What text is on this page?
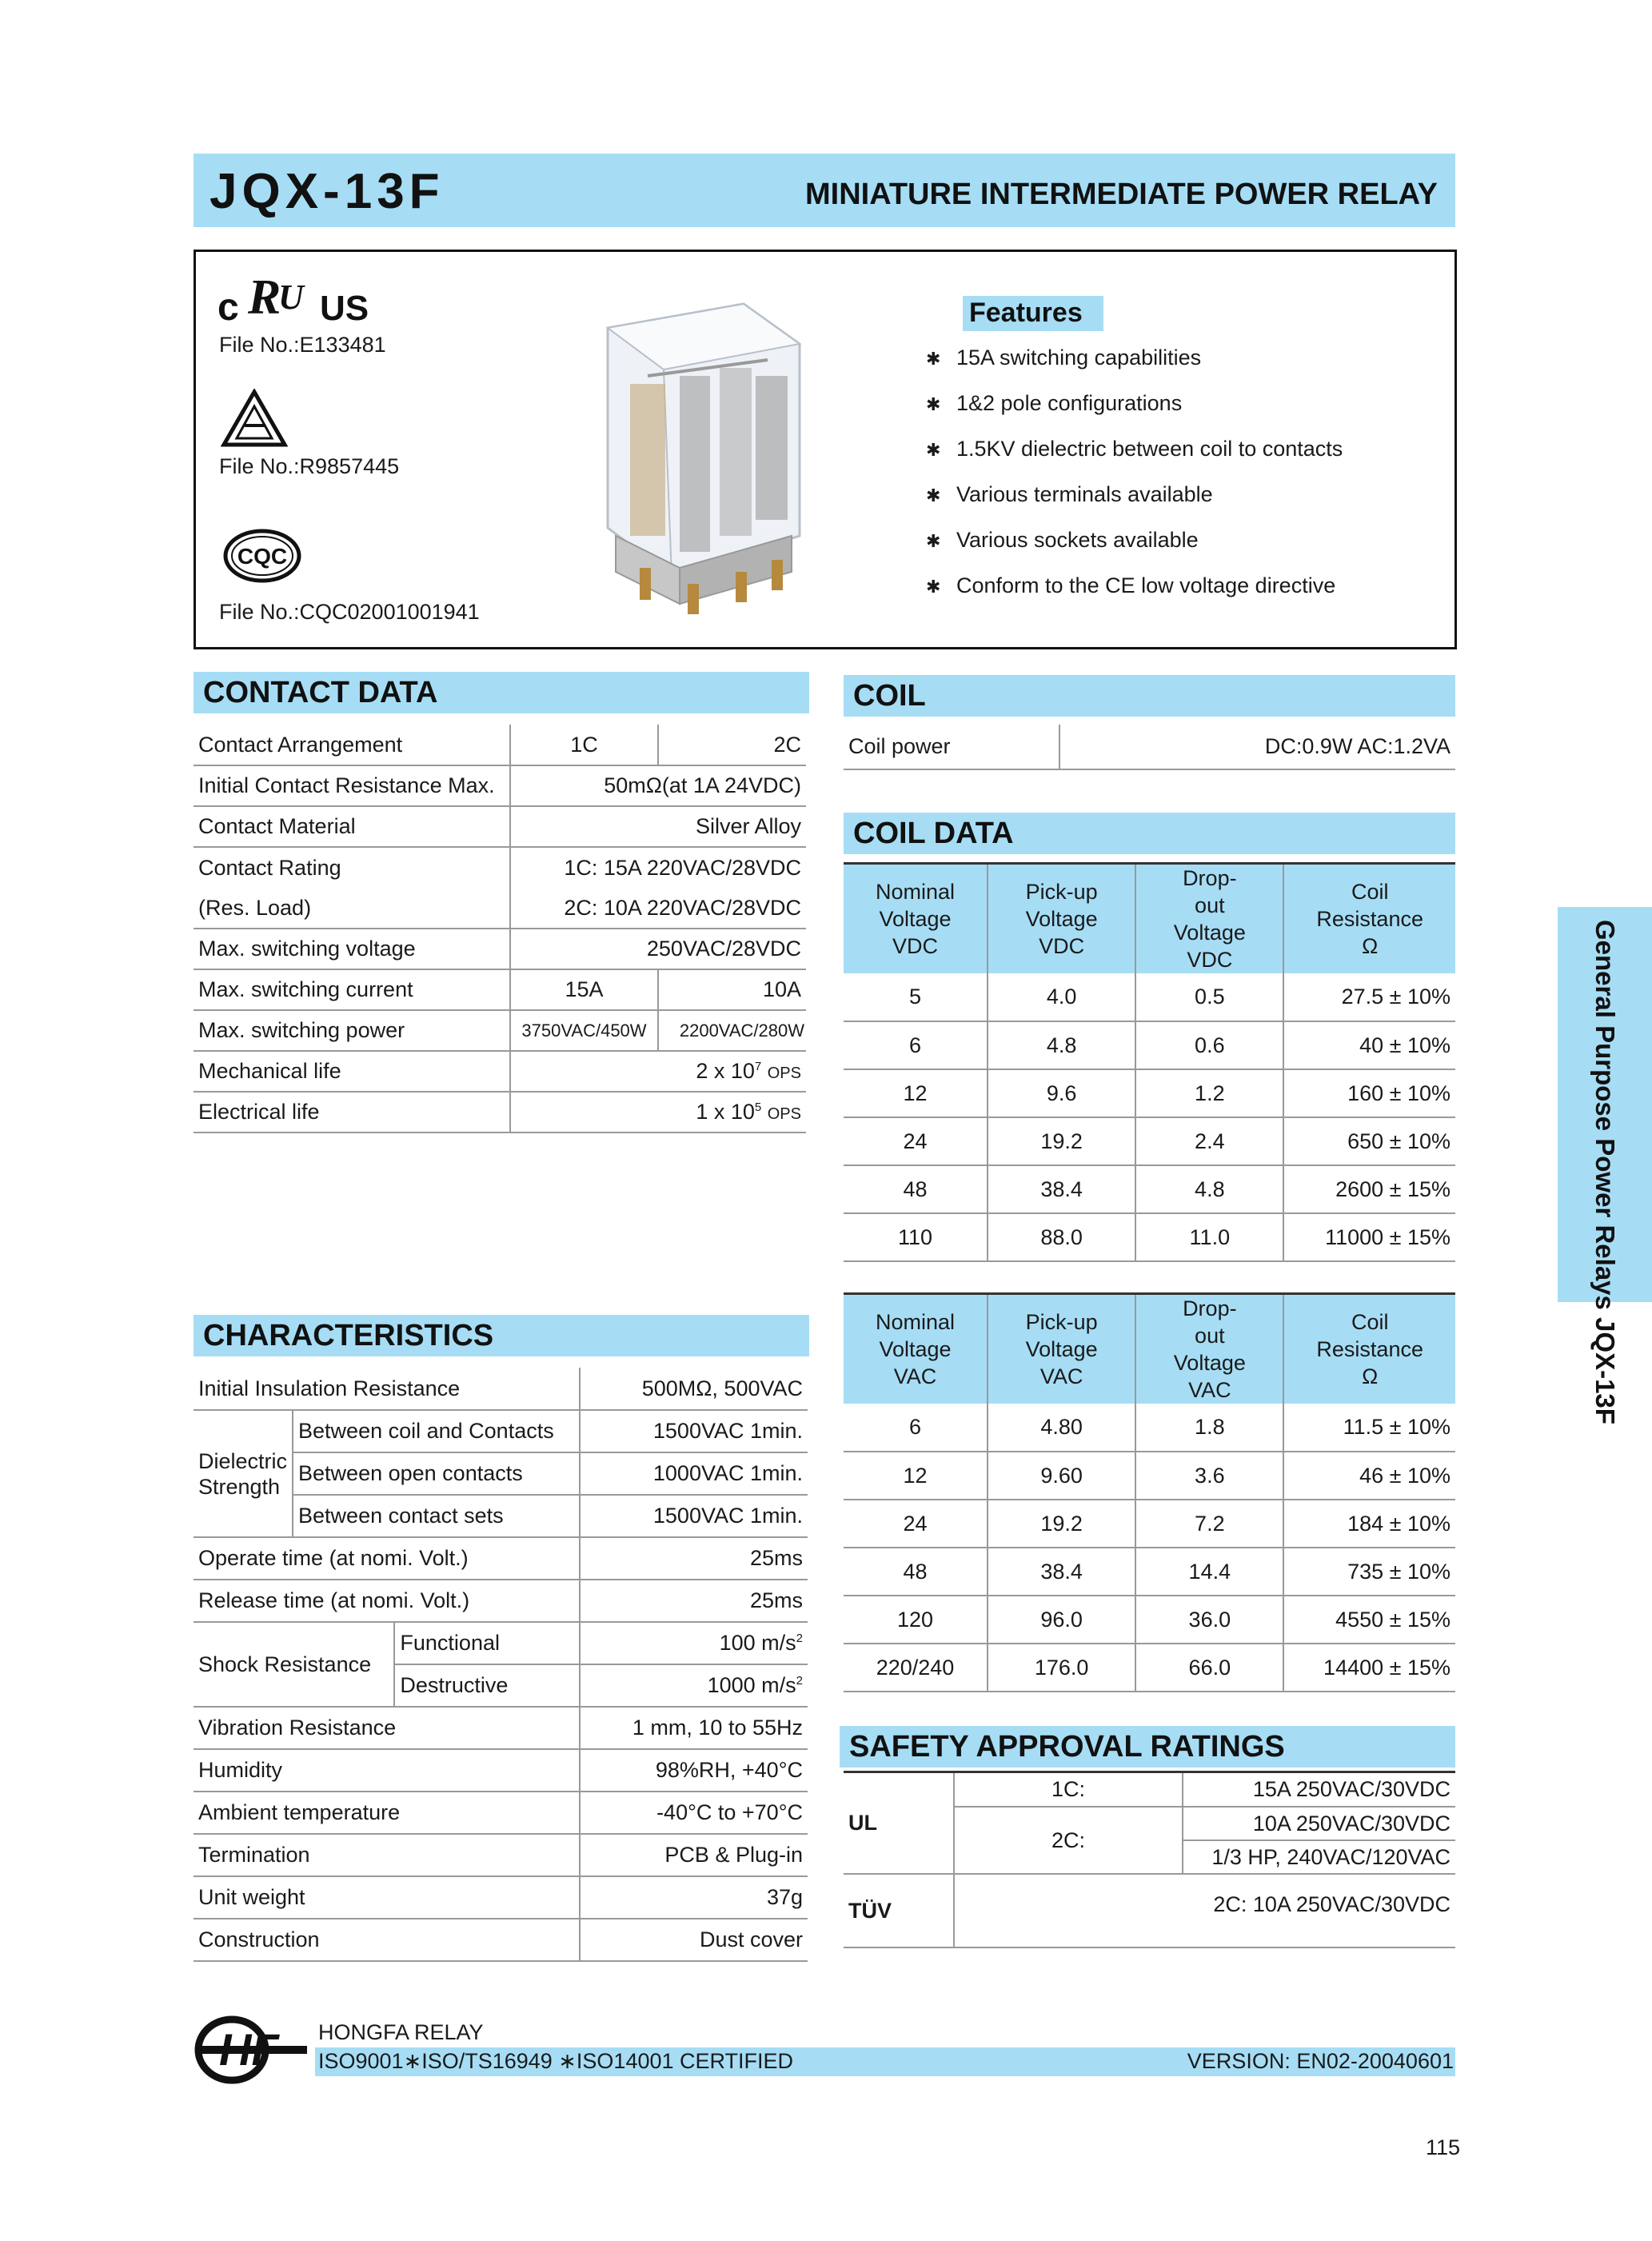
JQX-13F	MINIATURE INTERMEDIATE POWER RELAY
c R
U US
File No.:E133481
File No.:R9857445
CQC
File No.:CQC02001001941
Features
✱ 15A switching capabilities
✱ 1&2 pole configurations
✱ 1.5KV dielectric between coil to contacts
✱ Various terminals available
✱ Various sockets available
✱ Conform to the CE low voltage directive
CONTACT DATA
Contact Arrangement	1C	2C
Initial Contact Resistance Max.	50mΩ(at 1A 24VDC)	
Contact Material	Silver Alloy	
Contact Rating	1C: 15A 220VAC/28VDC	
(Res. Load)	2C: 10A 220VAC/28VDC	
Max. switching voltage	250VAC/28VDC	
Max. switching current	15A	10A
Max. switching power	3750VAC/450W	2200VAC/280W
Mechanical life	2 x $10^7$ OPS	
Electrical life	1 x $10^5$ OPS	
COIL
Coil power	DC:0.9W AC:1.2VA
COIL DATA
Nominal Voltage VDC	Pick-up Voltage VDC	Drop-out Voltage VDC	Coil Resistance Ω
5	4.0	0.5	27.5 ± 10%
6	4.8	0.6	40 ± 10%
12	9.6	1.2	160 ± 10%
24	19.2	2.4	650 ± 10%
48	38.4	4.8	2600 ± 15%
110	88.0	11.0	11000 ± 15%
Nominal Voltage VAC	Pick-up Voltage VAC	Drop-out Voltage VAC	Coil Resistance Ω
6	4.80	1.8	11.5 ± 10%
12	9.60	3.6	46 ± 10%
24	19.2	7.2	184 ± 10%
48	38.4	14.4	735 ± 10%
120	96.0	36.0	4550 ± 15%
220/240	176.0	66.0	14400 ± 15%
CHARACTERISTICS
Initial Insulation Resistance			500MΩ, 500VAC
Dielectric Strength	Between coil and Contacts		1500VAC 1min.
	Between open contacts		1000VAC 1min.
	Between contact sets		1500VAC 1min.
Operate time (at nomi. Volt.)			25ms
Release time (at nomi. Volt.)			25ms
Shock Resistance		Functional	100 $m/s^2$
		Destructive	1000 $m/s^2$
Vibration Resistance			1 mm, 10 to 55Hz
Humidity			98%RH, +40°C
Ambient temperature			-40°C to +70°C
Termination			PCB & Plug-in
Unit weight			37g
Construction			Dust cover
SAFETY APPROVAL RATINGS
UL	1C:	15A 250VAC/30VDC
	2C:	10A 250VAC/30VDC
		1/3 HP, 240VAC/120VAC
TÜV	2C: 10A 250VAC/30VDC	
General Purpose Power Relays JQX-13F
HF HONGFA RELAY
ISO9001∗ISO/TS16949 ∗ISO14001 CERTIFIED	VERSION: EN02-20040601
115
